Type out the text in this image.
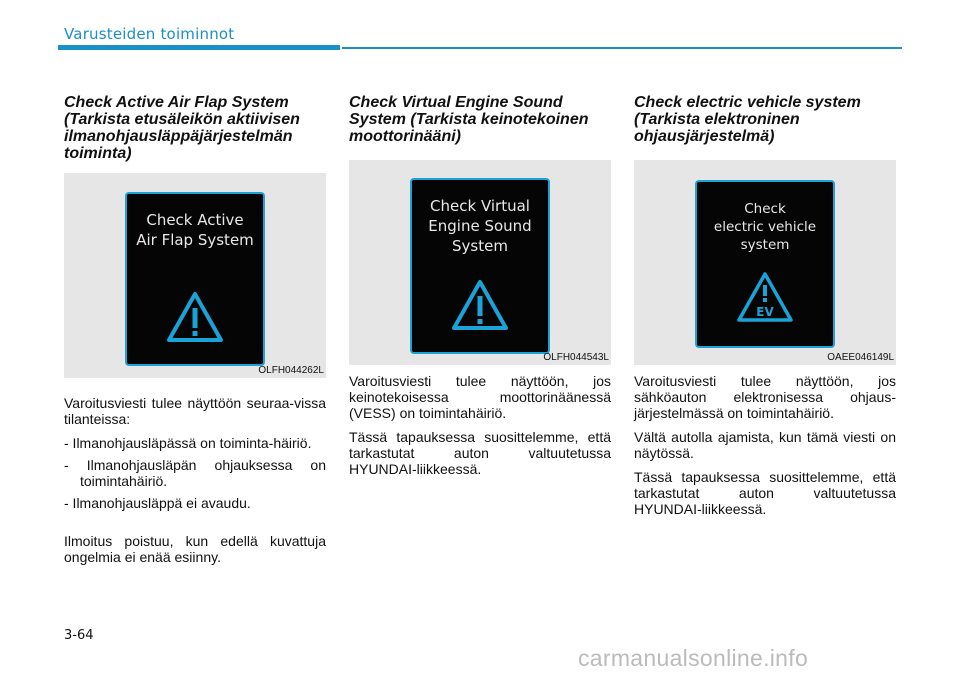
Varusteiden toiminnot
Check Active Air Flap System (Tarkista etusäleikön aktiivisen ilmanohjausläppäjärjestelmän toiminta)
Check Virtual Engine Sound System (Tarkista keinotekoinen moottorinääni)
Check electric vehicle system (Tarkista elektroninen ohjausjärjestelmä)
Check Active
Air Flap System
OLFH044262L
Check Virtual
Engine Sound
System
OLFH044543L
Check
electric vehicle
system
EV
OAEE046149L

Varoitusviesti tulee näyttöön seuraa-vissa tilanteissa:

- Ilmanohjausläpässä on toiminta-häiriö.
- Ilmanohjausläpän ohjauksessa on toimintahäiriö.
- Ilmanohjausläppä ei avaudu.

Ilmoitus poistuu, kun edellä kuvattuja ongelmia ei enää esiinny.

Varoitusviesti tulee näyttöön, jos keinotekoisessa moottorinäänessä (VESS) on toimintahäiriö.

Tässä tapauksessa suosittelemme, että tarkastutat auton valtuutetussa HYUNDAI-liikkeessä.

Varoitusviesti tulee näyttöön, jos sähköauton elektronisessa ohjaus-järjestelmässä on toimintahäiriö.

Vältä autolla ajamista, kun tämä viesti on näytössä.

Tässä tapauksessa suosittelemme, että tarkastutat auton valtuutetussa HYUNDAI-liikkeessä.

3-64
carmanualsonline.info
